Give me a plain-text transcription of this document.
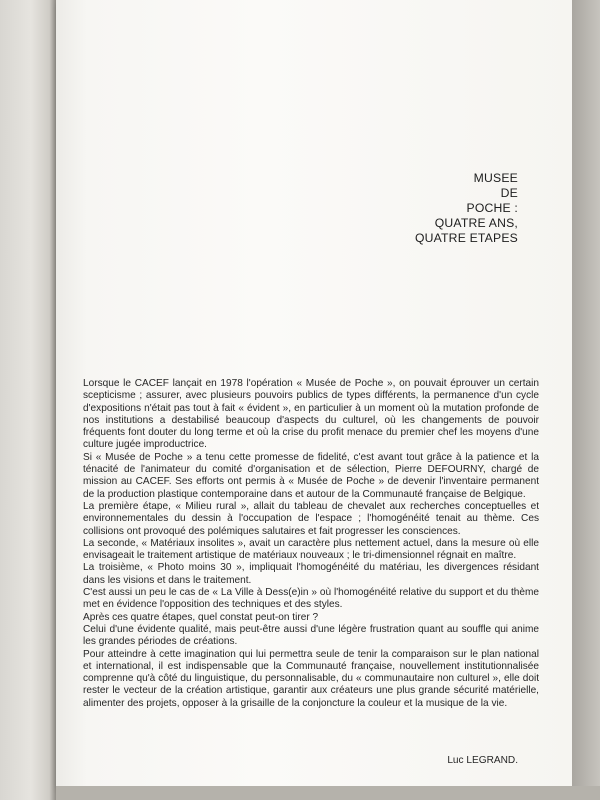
MUSEE
DE
POCHE :
QUATRE ANS,
QUATRE ETAPES

Lorsque le CACEF lançait en 1978 l'opération « Musée de Poche », on pouvait éprouver un certain scepticisme ; assurer, avec plusieurs pouvoirs publics de types différents, la permanence d'un cycle d'expositions n'était pas tout à fait « évident », en particulier à un moment où la mutation profonde de nos institutions a destabilisé beaucoup d'aspects du culturel, où les changements de pouvoir fréquents font douter du long terme et où la crise du profit menace du premier chef les moyens d'une culture jugée improductrice.

Si « Musée de Poche » a tenu cette promesse de fidelité, c'est avant tout grâce à la patience et la ténacité de l'animateur du comité d'organisation et de sélection, Pierre DEFOURNY, chargé de mission au CACEF. Ses efforts ont permis à « Musée de Poche » de devenir l'inventaire permanent de la production plastique contemporaine dans et autour de la Communauté française de Belgique.

La première étape, « Milieu rural », allait du tableau de chevalet aux recherches conceptuelles et environnementales du dessin à l'occupation de l'espace ; l'homogénéité tenait au thème. Ces collisions ont provoqué des polémiques salutaires et fait progresser les consciences.

La seconde, « Matériaux insolites », avait un caractère plus nettement actuel, dans la mesure où elle envisageait le traitement artistique de matériaux nouveaux ; le tri-dimensionnel régnait en maître.

La troisième, « Photo moins 30 », impliquait l'homogénéité du matériau, les divergences résidant dans les visions et dans le traitement.

C'est aussi un peu le cas de « La Ville à Dess(e)in » où l'homogénéité relative du support et du thème met en évidence l'opposition des techniques et des styles.

Après ces quatre étapes, quel constat peut-on tirer ?

Celui d'une évidente qualité, mais peut-être aussi d'une légère frustration quant au souffle qui anime les grandes périodes de créations.

Pour atteindre à cette imagination qui lui permettra seule de tenir la comparaison sur le plan national et international, il est indispensable que la Communauté française, nouvellement institutionnalisée comprenne qu'à côté du linguistique, du personnalisable, du « communautaire non culturel », elle doit rester le vecteur de la création artistique, garantir aux créateurs une plus grande sécurité matérielle, alimenter des projets, opposer à la grisaille de la conjoncture la couleur et la musique de la vie.

Luc LEGRAND.
